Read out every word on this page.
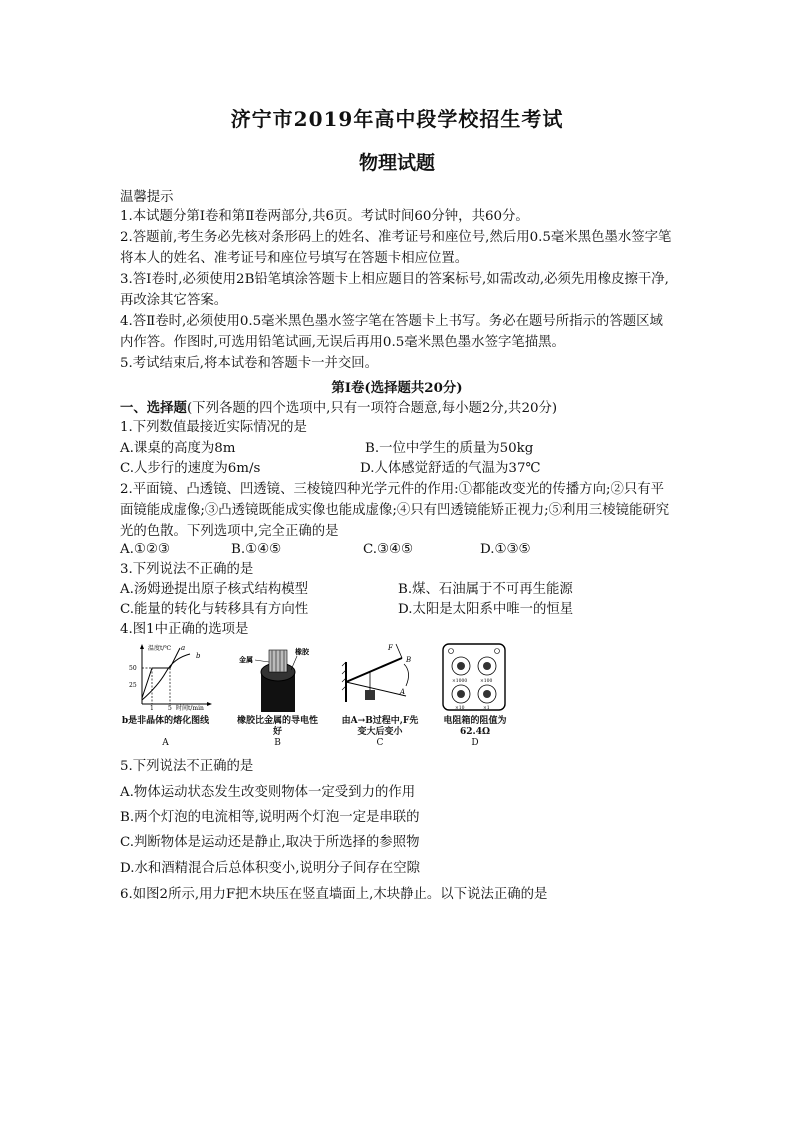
济宁市2019年高中段学校招生考试
物理试题
温馨提示
1.本试题分第Ⅰ卷和第Ⅱ卷两部分,共6页。考试时间60分钟，共60分。
2.答题前,考生务必先核对条形码上的姓名、准考证号和座位号,然后用0.5毫米黑色墨水签字笔将本人的姓名、准考证号和座位号填写在答题卡相应位置。
3.答Ⅰ卷时,必须使用2B铅笔填涂答题卡上相应题目的答案标号,如需改动,必须先用橡皮擦干净,再改涂其它答案。
4.答Ⅱ卷时,必须使用0.5毫米黑色墨水签字笔在答题卡上书写。务必在题号所指示的答题区域内作答。作图时,可选用铅笔试画,无误后再用0.5毫米黑色墨水签字笔描黑。
5.考试结束后,将本试卷和答题卡一并交回。
第Ⅰ卷(选择题共20分)
一、选择题(下列各题的四个选项中,只有一项符合题意,每小题2分,共20分)
1.下列数值最接近实际情况的是
A.课桌的高度为8m	B.一位中学生的质量为50kg
C.人步行的速度为6m/s	D.人体感觉舒适的气温为37℃
2.平面镜、凸透镜、凹透镜、三棱镜四种光学元件的作用:①都能改变光的传播方向;②只有平面镜能成虚像;③凸透镜既能成实像也能成虚像;④只有凹透镜能矫正视力;⑤利用三棱镜能研究光的色散。下列选项中,完全正确的是
A.①②③	B.①④⑤	C.③④⑤	D.①③⑤
3.下列说法不正确的是
A.汤姆逊提出原子核式结构模型	B.煤、石油属于不可再生能源
C.能量的转化与转移具有方向性	D.太阳是太阳系中唯一的恒星
4.图1中正确的选项是
温度t/℃
时间t/min
50
25
1 5
a
b
b是非晶体的熔化图线
A
金属
橡胶
橡胶比金属的导电性好
B
F
B
A
由A→B过程中,F先变大后变小
C
×1000	×100
×10	×1
电阻箱的阻值为62.4Ω
D
5.下列说法不正确的是
A.物体运动状态发生改变则物体一定受到力的作用
B.两个灯泡的电流相等,说明两个灯泡一定是串联的
C.判断物体是运动还是静止,取决于所选择的参照物
D.水和酒精混合后总体积变小,说明分子间存在空隙
6.如图2所示,用力F把木块压在竖直墙面上,木块静止。以下说法正确的是
